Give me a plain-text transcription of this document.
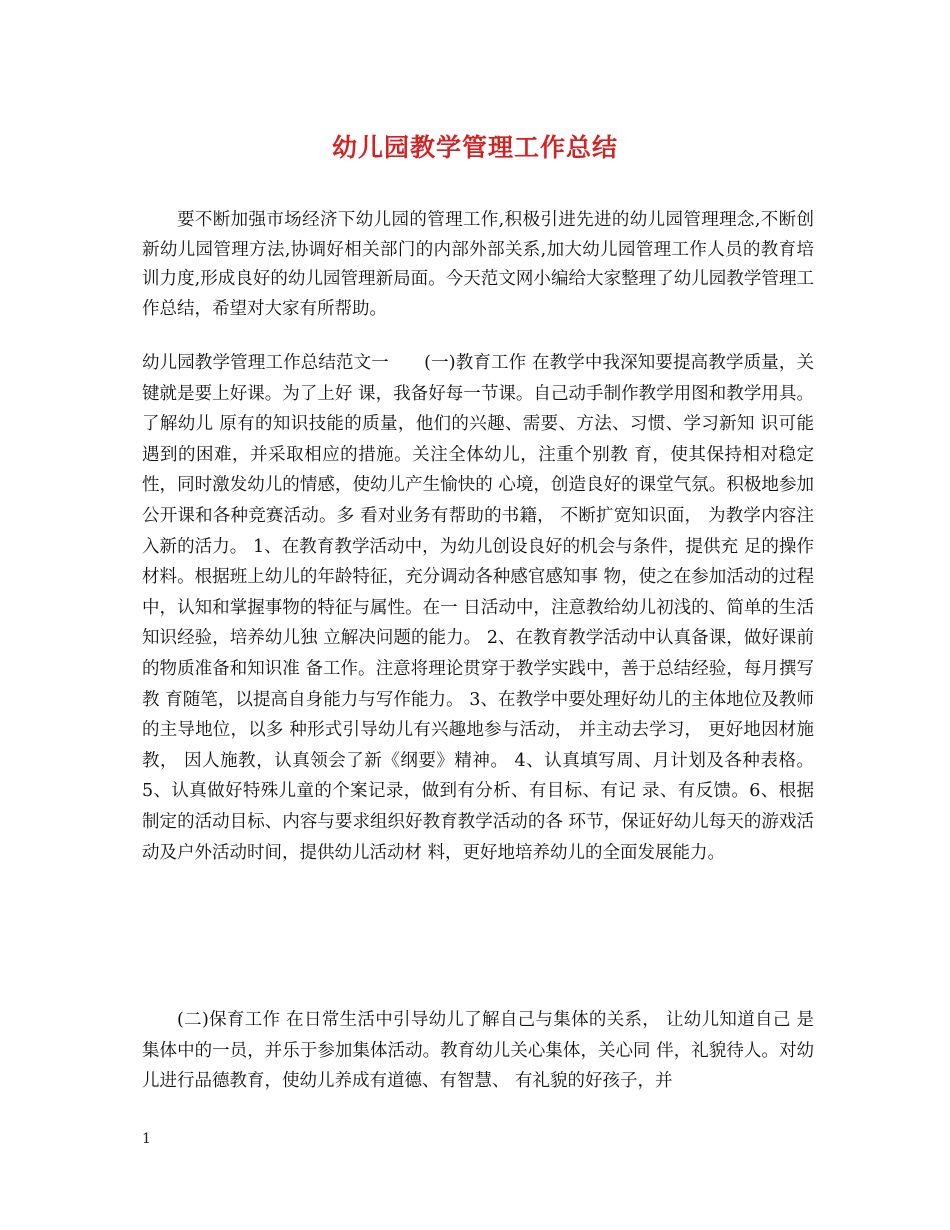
幼儿园教学管理工作总结

要不断加强市场经济下幼儿园的管理工作,积极引进先进的幼儿园管理理念,不断创新幼儿园管理方法,协调好相关部门的内部外部关系,加大幼儿园管理工作人员的教育培训力度,形成良好的幼儿园管理新局面。今天范文网小编给大家整理了幼儿园教学管理工作总结，希望对大家有所帮助。

幼儿园教学管理工作总结范文一　　(一)教育工作 在教学中我深知要提高教学质量，关键就是要上好课。为了上好 课，我备好每一节课。自己动手制作教学用图和教学用具。了解幼儿 原有的知识技能的质量，他们的兴趣、需要、方法、习惯、学习新知 识可能遇到的困难，并采取相应的措施。关注全体幼儿，注重个别教 育，使其保持相对稳定性，同时激发幼儿的情感，使幼儿产生愉快的 心境，创造良好的课堂气氛。积极地参加公开课和各种竞赛活动。多 看对业务有帮助的书籍， 不断扩宽知识面， 为教学内容注入新的活力。 1、在教育教学活动中，为幼儿创设良好的机会与条件，提供充 足的操作材料。根据班上幼儿的年龄特征，充分调动各种感官感知事 物，使之在参加活动的过程中，认知和掌握事物的特征与属性。在一 日活动中，注意教给幼儿初浅的、简单的生活知识经验，培养幼儿独 立解决问题的能力。 2、在教育教学活动中认真备课，做好课前的物质准备和知识准 备工作。注意将理论贯穿于教学实践中，善于总结经验，每月撰写教 育随笔，以提高自身能力与写作能力。 3、在教学中要处理好幼儿的主体地位及教师的主导地位，以多 种形式引导幼儿有兴趣地参与活动， 并主动去学习， 更好地因材施教， 因人施教，认真领会了新《纲要》精神。 4、认真填写周、月计划及各种表格。 5、认真做好特殊儿童的个案记录，做到有分析、有目标、有记 录、有反馈。6、根据制定的活动目标、内容与要求组织好教育教学活动的各 环节，保证好幼儿每天的游戏活动及户外活动时间，提供幼儿活动材 料，更好地培养幼儿的全面发展能力。

(二)保育工作 在日常生活中引导幼儿了解自己与集体的关系， 让幼儿知道自己 是集体中的一员，并乐于参加集体活动。教育幼儿关心集体，关心同 伴，礼貌待人。对幼儿进行品德教育，使幼儿养成有道德、有智慧、 有礼貌的好孩子，并

1
